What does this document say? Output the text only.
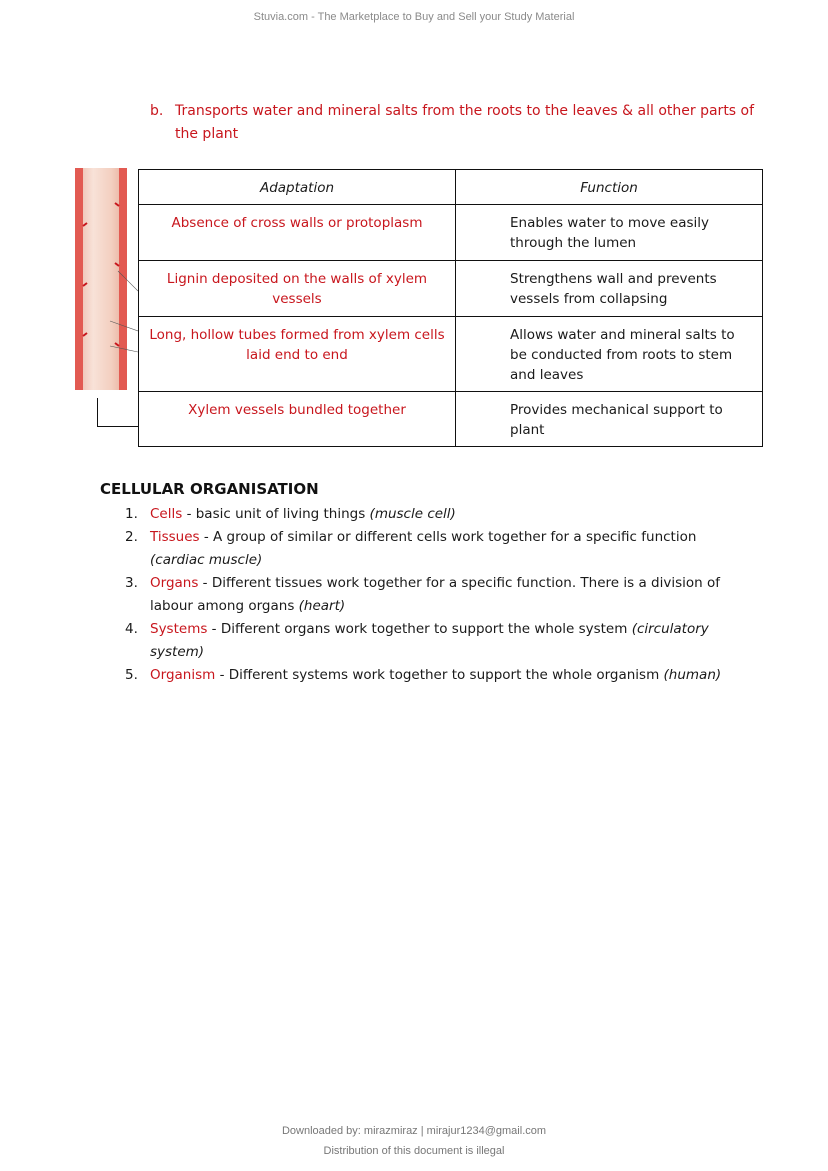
Stuvia.com - The Marketplace to Buy and Sell your Study Material
b. Transports water and mineral salts from the roots to the leaves & all other parts of the plant
Adaptation	Function
Absence of cross walls or protoplasm	Enables water to move easily through the lumen
Lignin deposited on the walls of xylem vessels	Strengthens wall and prevents vessels from collapsing
Long, hollow tubes formed from xylem cells laid end to end	Allows water and mineral salts to be conducted from roots to stem and leaves
Xylem vessels bundled together	Provides mechanical support to plant
CELLULAR ORGANISATION
1. Cells - basic unit of living things (muscle cell)
2. Tissues - A group of similar or different cells work together for a specific function (cardiac muscle)
3. Organs - Different tissues work together for a specific function. There is a division of labour among organs (heart)
4. Systems - Different organs work together to support the whole system (circulatory system)
5. Organism - Different systems work together to support the whole organism (human)
Downloaded by: mirazmiraz | mirajur1234@gmail.com
Distribution of this document is illegal
